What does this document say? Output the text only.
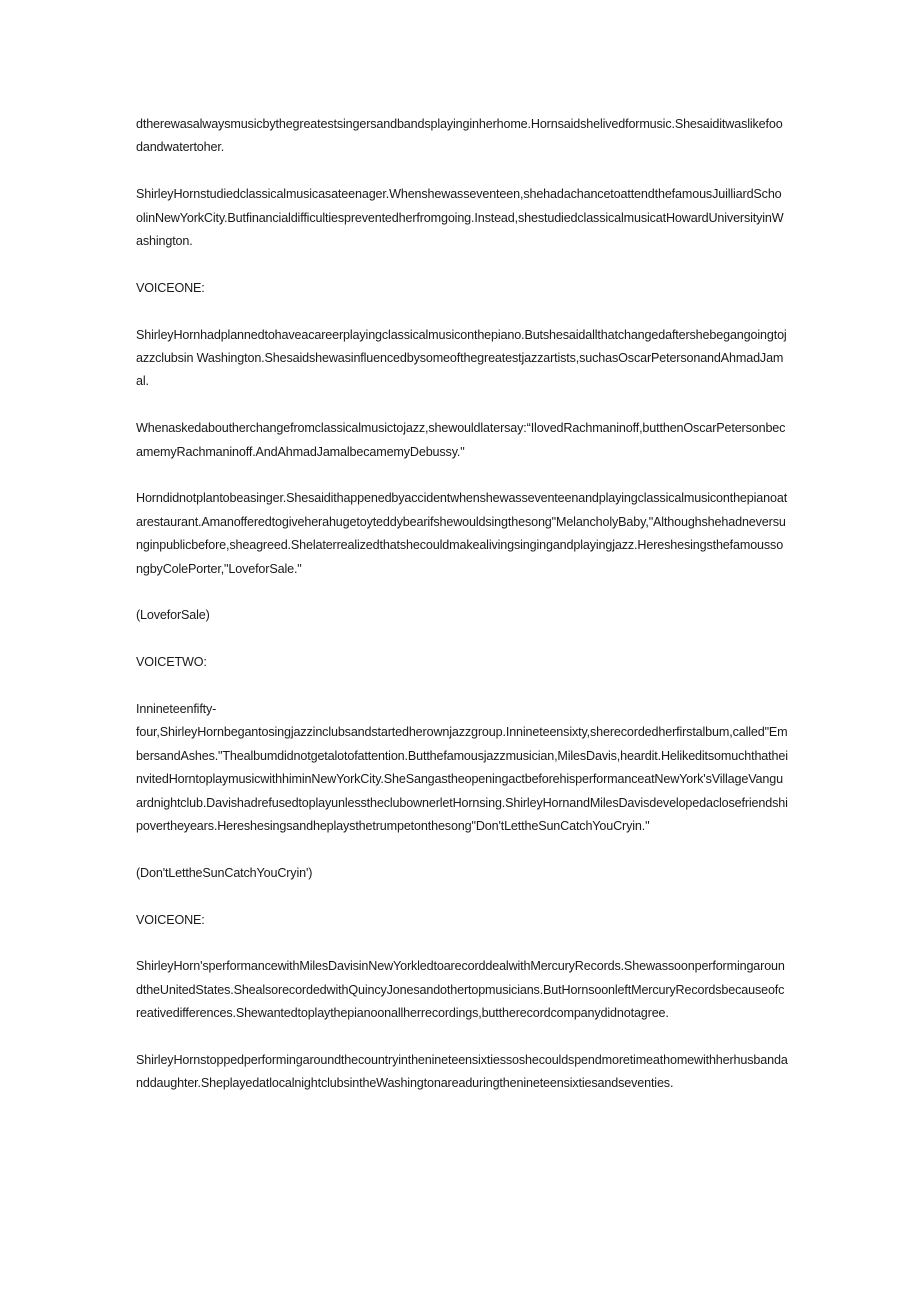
dtherewasalwaysmusicbythegreatestsingersandbandsplayinginherhome.Hornsaidshelivedformusic.Shesaiditwaslikefoodandwatertoher.

ShirleyHornstudiedclassicalmusicasateenager.Whenshewasseventeen,shehadachancetoattendthefamousJuilliardSchoolinNewYorkCity.Butfinancialdifficultiespreventedherfromgoing.Instead,shestudiedclassicalmusicatHowardUniversityinWashington.

VOICEONE:

ShirleyHornhadplannedtohaveacareerplayingclassicalmusiconthepiano.Butshesaidallthatchangedaftershebegangoingtojazzclubsin Washington.Shesaidshewasinfluencedbysomeofthegreatestjazzartists,suchasOscarPetersonandAhmadJamal.

Whenaskedaboutherchangefromclassicalmusictojazz,shewouldlatersay:“IlovedRachmaninoff,butthenOscarPetersonbecamemyRachmaninoff.AndAhmadJamalbecamemyDebussy."

Horndidnotplantobeasinger.Shesaidithappenedbyaccidentwhenshewasseventeenandplayingclassicalmusiconthepianoatarestaurant.Amanofferedtogiveherahugetoyteddybearifshewouldsingthesong"MelancholyBaby,"Althoughshehadneversunginpublicbefore,sheagreed.Shelaterrealizedthatshecouldmakealivingsingingandplayingjazz.HereshesingsthefamoussongbyColePorter,"LoveforSale."

(LoveforSale)

VOICETWO:

Innineteenfifty-
four,ShirleyHornbegantosingjazzinclubsandstartedherownjazzgroup.Innineteensixty,sherecordedherfirstalbum,called"EmbersandAshes."Thealbumdidnotgetalotofattention.Butthefamousjazzmusician,MilesDavis,heardit.HelikeditsomuchthatheinvitedHorntoplaymusicwithhiminNewYorkCity.SheSangastheopeningactbeforehisperformanceatNewYork'sVillageVanguardnightclub.DavishadrefusedtoplayunlesstheclubownerletHornsing.ShirleyHornandMilesDavisdevelopedaclosefriendshipovertheyears.Hereshesingsandheplaysthetrumpetonthesong"Don'tLettheSunCatchYouCryin."

(Don'tLettheSunCatchYouCryin')

VOICEONE:

ShirleyHorn'sperformancewithMilesDavisinNewYorkledtoarecorddealwithMercuryRecords.ShewassoonperformingaroundtheUnitedStates.ShealsorecordedwithQuincyJonesandothertopmusicians.ButHornsoonleftMercuryRecordsbecauseofcreativedifferences.Shewantedtoplaythepianoonallherrecordings,buttherecordcompanydidnotagree.

ShirleyHornstoppedperformingaroundthecountryinthenineteensixtiessoshecouldspendmoretimeathomewithherhusbandanddaughter.SheplayedatlocalnightclubsintheWashingtonareaduringthenineteensixtiesandseventies.
